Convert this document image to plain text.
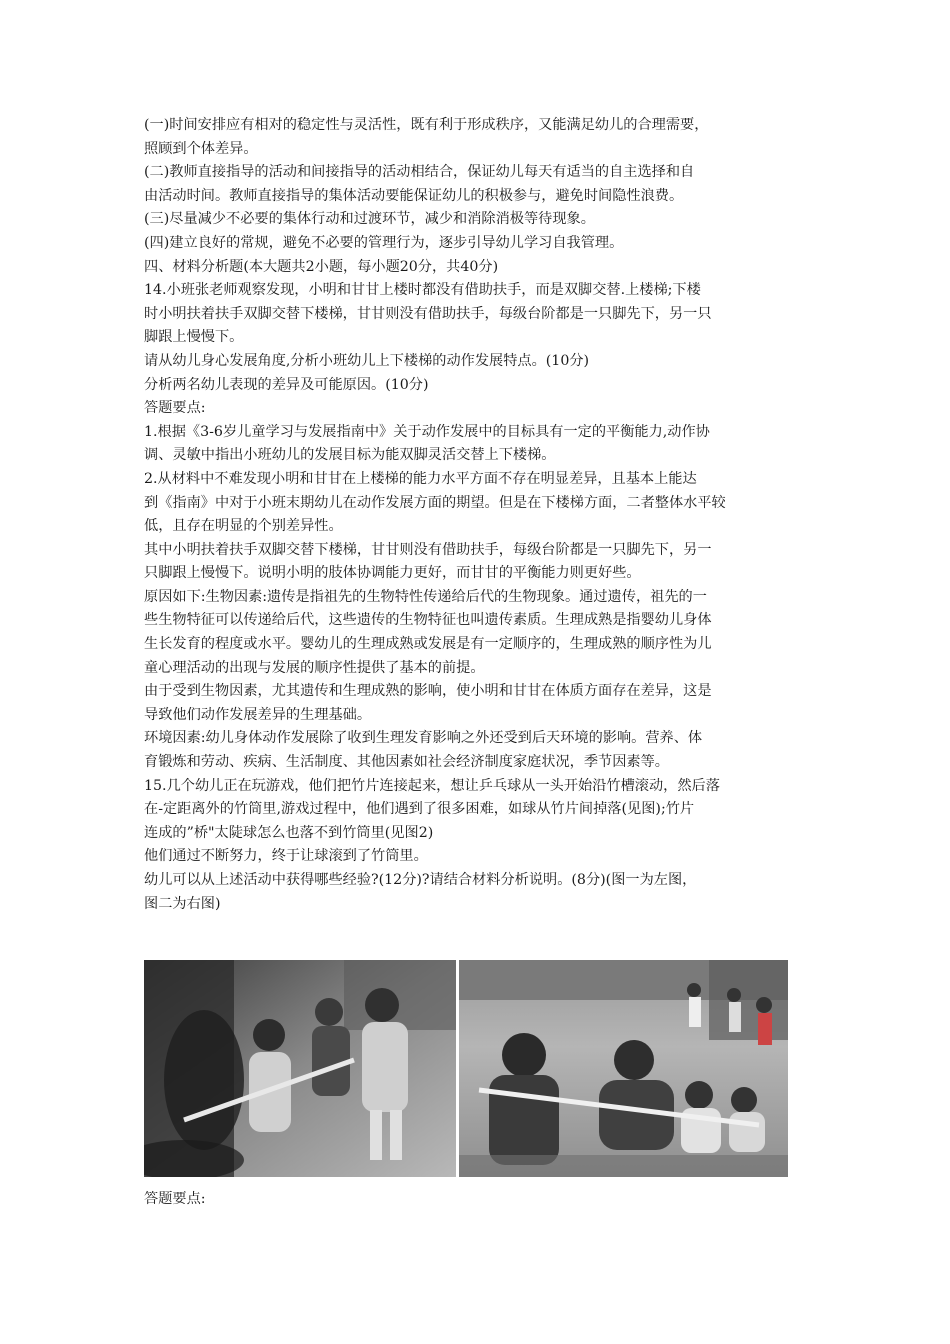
(一)时间安排应有相对的稳定性与灵活性，既有利于形成秩序，又能满足幼儿的合理需要，
照顾到个体差异。
(二)教师直接指导的活动和间接指导的活动相结合，保证幼儿每天有适当的自主选择和自
由活动时间。教师直接指导的集体活动要能保证幼儿的积极参与，避免时间隐性浪费。
(三)尽量减少不必要的集体行动和过渡环节，减少和消除消极等待现象。
(四)建立良好的常规，避免不必要的管理行为，逐步引导幼儿学习自我管理。
四、材料分析题(本大题共2小题，每小题20分，共40分)
14.小班张老师观察发现，小明和甘甘上楼时都没有借助扶手，而是双脚交替.上楼梯;下楼
时小明扶着扶手双脚交替下楼梯，甘甘则没有借助扶手，每级台阶都是一只脚先下，另一只
脚跟上慢慢下。
请从幼儿身心发展角度,分析小班幼儿上下楼梯的动作发展特点。(10分)
分析两名幼儿表现的差异及可能原因。(10分)
答题要点:
1.根据《3-6岁儿童学习与发展指南中》关于动作发展中的目标具有一定的平衡能力,动作协
调、灵敏中指出小班幼儿的发展目标为能双脚灵活交替上下楼梯。
2.从材料中不难发现小明和甘甘在上楼梯的能力水平方面不存在明显差异，且基本上能达
到《指南》中对于小班末期幼儿在动作发展方面的期望。但是在下楼梯方面，二者整体水平较
低，且存在明显的个别差异性。
其中小明扶着扶手双脚交替下楼梯，甘甘则没有借助扶手，每级台阶都是一只脚先下，另一
只脚跟上慢慢下。说明小明的肢体协调能力更好，而甘甘的平衡能力则更好些。
原因如下:生物因素:遗传是指祖先的生物特性传递给后代的生物现象。通过遗传，祖先的一
些生物特征可以传递给后代，这些遗传的生物特征也叫遗传素质。生理成熟是指婴幼儿身体
生长发育的程度或水平。婴幼儿的生理成熟或发展是有一定顺序的，生理成熟的顺序性为儿
童心理活动的出现与发展的顺序性提供了基本的前提。
由于受到生物因素，尤其遗传和生理成熟的影响，使小明和甘甘在体质方面存在差异，这是
导致他们动作发展差异的生理基础。
环境因素:幼儿身体动作发展除了收到生理发育影响之外还受到后天环境的影响。营养、体
育锻炼和劳动、疾病、生活制度、其他因素如社会经济制度家庭状况，季节因素等。
15.几个幼儿正在玩游戏，他们把竹片连接起来，想让乒乓球从一头开始沿竹槽滚动，然后落
在-定距离外的竹筒里,游戏过程中，他们遇到了很多困难，如球从竹片间掉落(见图);竹片
连成的”桥"太陡球怎么也落不到竹筒里(见图2)
他们通过不断努力，终于让球滚到了竹筒里。
幼儿可以从上述活动中获得哪些经验?(12分)?请结合材料分析说明。(8分)(图一为左图，
图二为右图)
答题要点:
